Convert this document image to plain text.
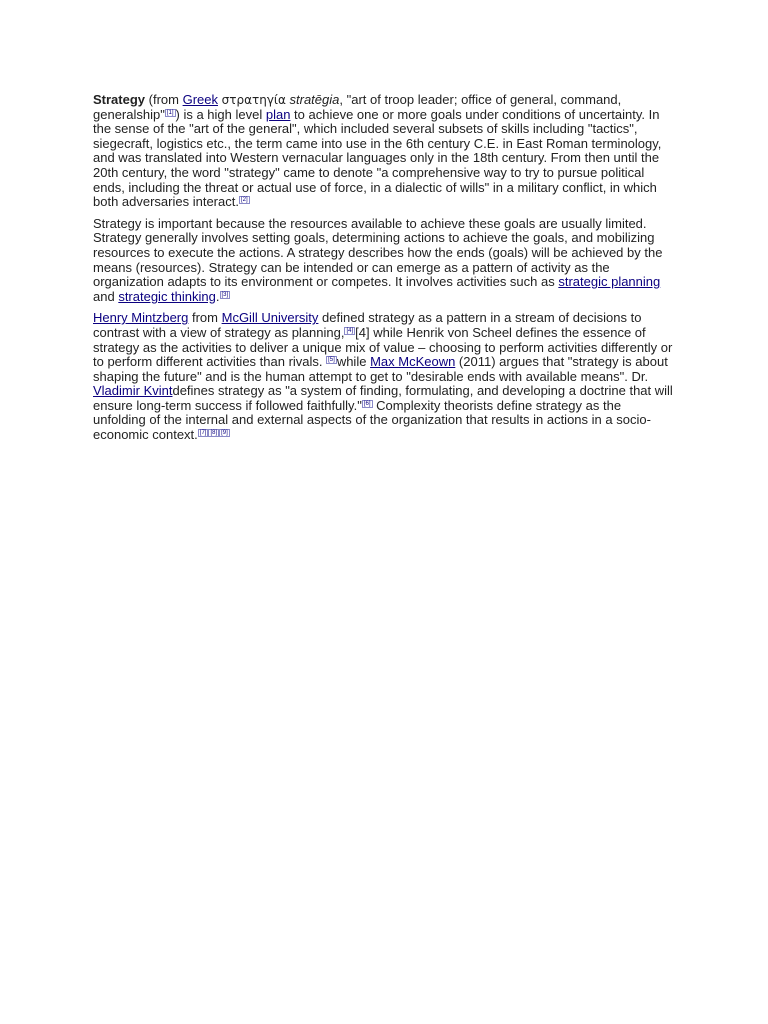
Strategy (from Greek στρατηγία stratēgia, "art of troop leader; office of general, command, generalship" [1] ) is a high level plan to achieve one or more goals under conditions of uncertainty. In the sense of the "art of the general", which included several subsets of skills including "tactics", siegecraft, logistics etc., the term came into use in the 6th century C.E. in East Roman terminology, and was translated into Western vernacular languages only in the 18th century. From then until the 20th century, the word "strategy" came to denote "a comprehensive way to try to pursue political ends, including the threat or actual use of force, in a dialectic of wills" in a military conflict, in which both adversaries interact. [2]

Strategy is important because the resources available to achieve these goals are usually limited. Strategy generally involves setting goals, determining actions to achieve the goals, and mobilizing resources to execute the actions. A strategy describes how the ends (goals) will be achieved by the means (resources). Strategy can be intended or can emerge as a pattern of activity as the organization adapts to its environment or competes. It involves activities such as strategic planning and strategic thinking. [3]

Henry Mintzberg from McGill University defined strategy as a pattern in a stream of decisions to contrast with a view of strategy as planning, [4] [4] while Henrik von Scheel defines the essence of strategy as the activities to deliver a unique mix of value – choosing to perform activities differently or to perform different activities than rivals. [5] while Max McKeown (2011) argues that "strategy is about shaping the future" and is the human attempt to get to "desirable ends with available means". Dr. Vladimir Kvintdefines strategy as "a system of finding, formulating, and developing a doctrine that will ensure long-term success if followed faithfully." [6] Complexity theorists define strategy as the unfolding of the internal and external aspects of the organization that results in actions in a socio-economic context. [7] [8] [9]
